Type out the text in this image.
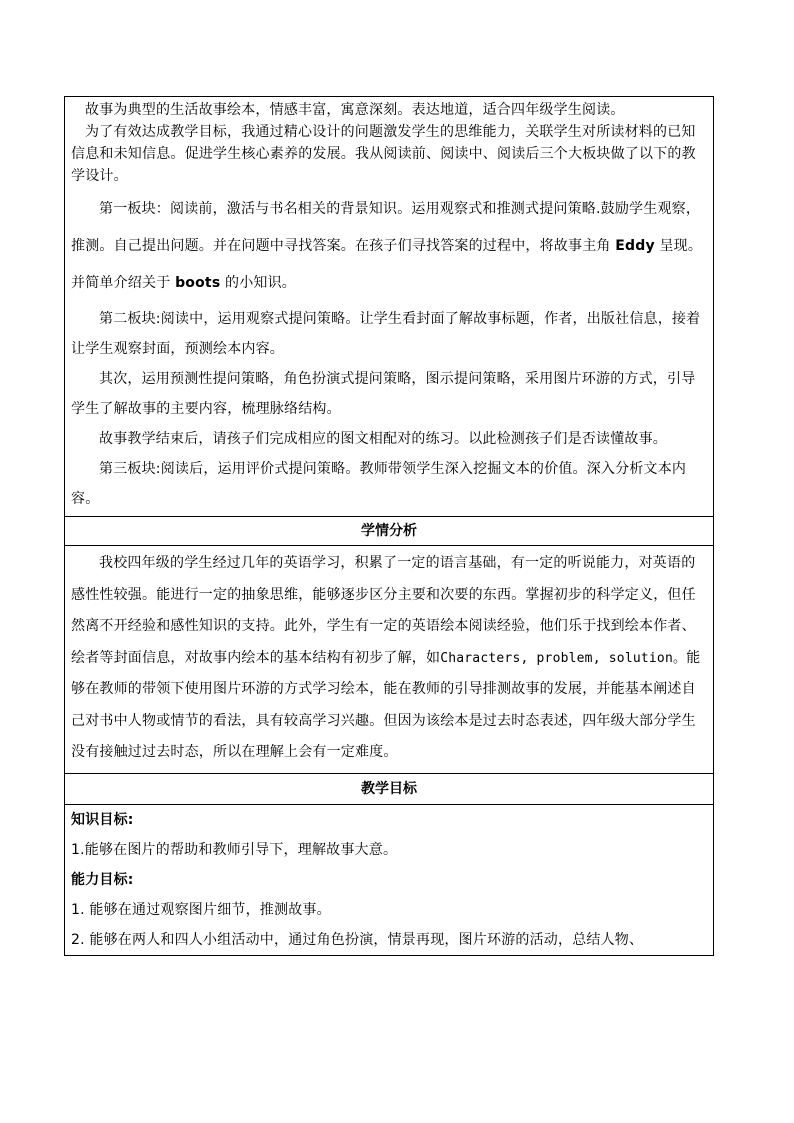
故事为典型的生活故事绘本，情感丰富，寓意深刻。表达地道，适合四年级学生阅读。

为了有效达成教学目标，我通过精心设计的问题激发学生的思维能力，关联学生对所读材料的已知信息和未知信息。促进学生核心素养的发展。我从阅读前、阅读中、阅读后三个大板块做了以下的教学设计。

第一板块：阅读前，激活与书名相关的背景知识。运用观察式和推测式提问策略.鼓励学生观察，推测。自己提出问题。并在问题中寻找答案。在孩子们寻找答案的过程中，将故事主角 Eddy 呈现。并简单介绍关于 boots 的小知识。

第二板块:阅读中，运用观察式提问策略。让学生看封面了解故事标题，作者，出版社信息，接着让学生观察封面，预测绘本内容。

其次，运用预测性提问策略，角色扮演式提问策略，图示提问策略，采用图片环游的方式，引导学生了解故事的主要内容，梳理脉络结构。

故事教学结束后，请孩子们完成相应的图文相配对的练习。以此检测孩子们是否读懂故事。

第三板块:阅读后，运用评价式提问策略。教师带领学生深入挖掘文本的价值。深入分析文本内容。

学情分析

我校四年级的学生经过几年的英语学习，积累了一定的语言基础，有一定的听说能力，对英语的感性性较强。能进行一定的抽象思维，能够逐步区分主要和次要的东西。掌握初步的科学定义，但任然离不开经验和感性知识的支持。此外，学生有一定的英语绘本阅读经验，他们乐于找到绘本作者、绘者等封面信息，对故事内绘本的基本结构有初步了解，如Characters, problem, solution。能够在教师的带领下使用图片环游的方式学习绘本，能在教师的引导排测故事的发展，并能基本阐述自己对书中人物或情节的看法，具有较高学习兴趣。但因为该绘本是过去时态表述，四年级大部分学生没有接触过过去时态，所以在理解上会有一定难度。

教学目标

知识目标:

1.能够在图片的帮助和教师引导下，理解故事大意。

能力目标:

1. 能够在通过观察图片细节，推测故事。

2. 能够在两人和四人小组活动中，通过角色扮演，情景再现，图片环游的活动，总结人物、
